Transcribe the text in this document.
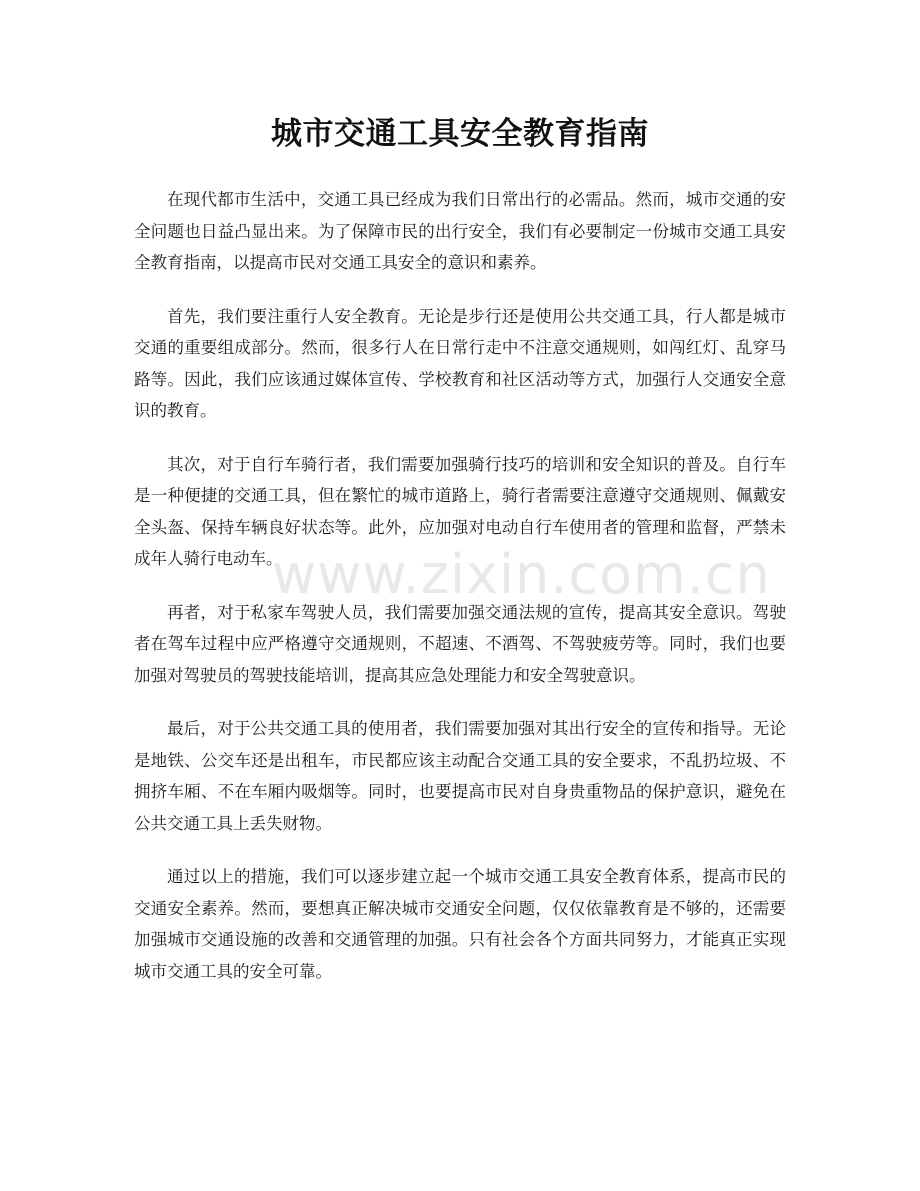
城市交通工具安全教育指南

在现代都市生活中，交通工具已经成为我们日常出行的必需品。然而，城市交通的安全问题也日益凸显出来。为了保障市民的出行安全，我们有必要制定一份城市交通工具安全教育指南，以提高市民对交通工具安全的意识和素养。

首先，我们要注重行人安全教育。无论是步行还是使用公共交通工具，行人都是城市交通的重要组成部分。然而，很多行人在日常行走中不注意交通规则，如闯红灯、乱穿马路等。因此，我们应该通过媒体宣传、学校教育和社区活动等方式，加强行人交通安全意识的教育。

其次，对于自行车骑行者，我们需要加强骑行技巧的培训和安全知识的普及。自行车是一种便捷的交通工具，但在繁忙的城市道路上，骑行者需要注意遵守交通规则、佩戴安全头盔、保持车辆良好状态等。此外，应加强对电动自行车使用者的管理和监督，严禁未成年人骑行电动车。

再者，对于私家车驾驶人员，我们需要加强交通法规的宣传，提高其安全意识。驾驶者在驾车过程中应严格遵守交通规则，不超速、不酒驾、不驾驶疲劳等。同时，我们也要加强对驾驶员的驾驶技能培训，提高其应急处理能力和安全驾驶意识。

最后，对于公共交通工具的使用者，我们需要加强对其出行安全的宣传和指导。无论是地铁、公交车还是出租车，市民都应该主动配合交通工具的安全要求，不乱扔垃圾、不拥挤车厢、不在车厢内吸烟等。同时，也要提高市民对自身贵重物品的保护意识，避免在公共交通工具上丢失财物。

通过以上的措施，我们可以逐步建立起一个城市交通工具安全教育体系，提高市民的交通安全素养。然而，要想真正解决城市交通安全问题，仅仅依靠教育是不够的，还需要加强城市交通设施的改善和交通管理的加强。只有社会各个方面共同努力，才能真正实现城市交通工具的安全可靠。

www.zixin.com.cn
